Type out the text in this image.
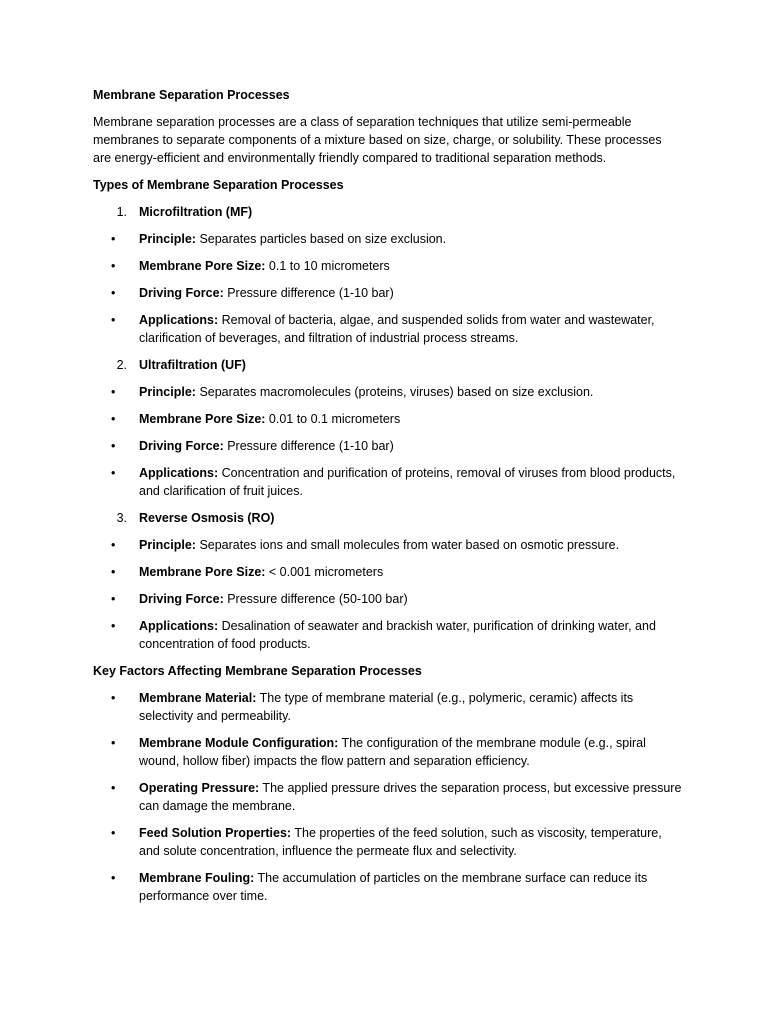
Membrane Separation Processes

Membrane separation processes are a class of separation techniques that utilize semi-permeable membranes to separate components of a mixture based on size, charge, or solubility. These processes are energy-efficient and environmentally friendly compared to traditional separation methods.

Types of Membrane Separation Processes

1. Microfiltration (MF)
• Principle: Separates particles based on size exclusion.
• Membrane Pore Size: 0.1 to 10 micrometers
• Driving Force: Pressure difference (1-10 bar)
• Applications: Removal of bacteria, algae, and suspended solids from water and wastewater, clarification of beverages, and filtration of industrial process streams.
2. Ultrafiltration (UF)
• Principle: Separates macromolecules (proteins, viruses) based on size exclusion.
• Membrane Pore Size: 0.01 to 0.1 micrometers
• Driving Force: Pressure difference (1-10 bar)
• Applications: Concentration and purification of proteins, removal of viruses from blood products, and clarification of fruit juices.
3. Reverse Osmosis (RO)
• Principle: Separates ions and small molecules from water based on osmotic pressure.
• Membrane Pore Size: < 0.001 micrometers
• Driving Force: Pressure difference (50-100 bar)
• Applications: Desalination of seawater and brackish water, purification of drinking water, and concentration of food products.

Key Factors Affecting Membrane Separation Processes

• Membrane Material: The type of membrane material (e.g., polymeric, ceramic) affects its selectivity and permeability.
• Membrane Module Configuration: The configuration of the membrane module (e.g., spiral wound, hollow fiber) impacts the flow pattern and separation efficiency.
• Operating Pressure: The applied pressure drives the separation process, but excessive pressure can damage the membrane.
• Feed Solution Properties: The properties of the feed solution, such as viscosity, temperature, and solute concentration, influence the permeate flux and selectivity.
• Membrane Fouling: The accumulation of particles on the membrane surface can reduce its performance over time.
